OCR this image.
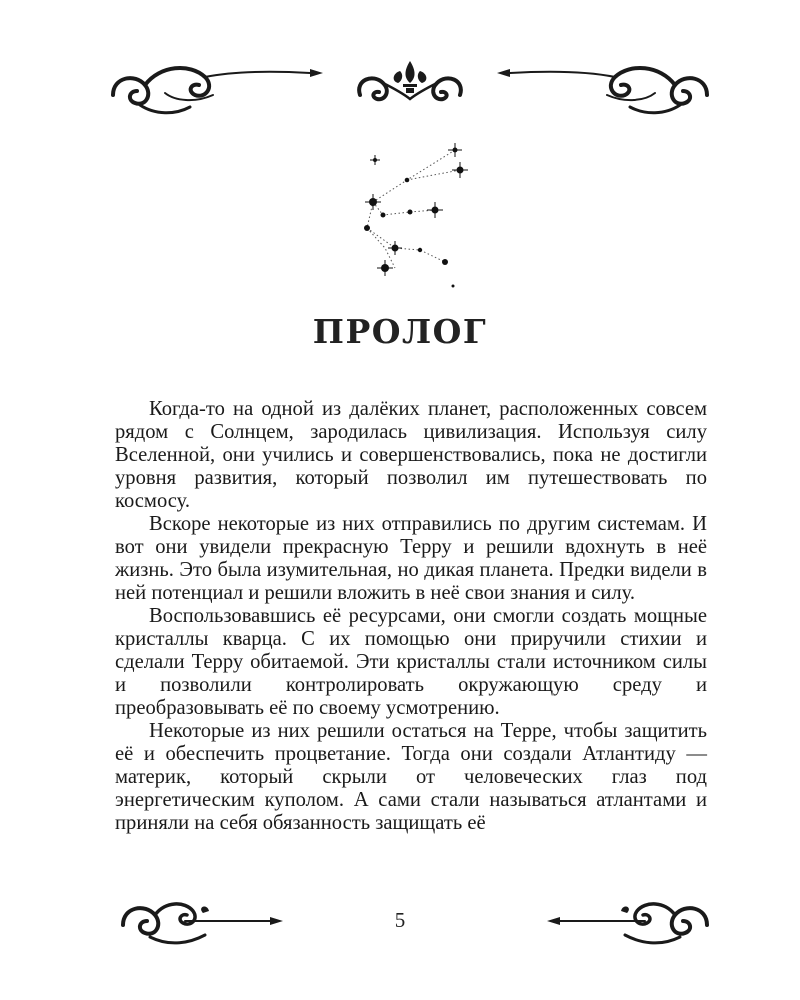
ПРОЛОГ

Когда-то на одной из далёких планет, расположенных совсем рядом с Солнцем, зародилась цивилизация. Используя силу Вселенной, они учились и совершенствовались, пока не достигли уровня развития, который позволил им путешествовать по космосу.

Вскоре некоторые из них отправились по другим системам. И вот они увидели прекрасную Терру и решили вдохнуть в неё жизнь. Это была изумительная, но дикая планета. Предки видели в ней потенциал и решили вложить в неё свои знания и силу.

Воспользовавшись её ресурсами, они смогли создать мощные кристаллы кварца. С их помощью они приручили стихии и сделали Терру обитаемой. Эти кристаллы стали источником силы и позволили контролировать окружающую среду и преобразовывать её по своему усмотрению.

Некоторые из них решили остаться на Терре, чтобы защитить её и обеспечить процветание. Тогда они создали Атлантиду — материк, который скрыли от человеческих глаз под энергетическим куполом. А сами стали называться атлантами и приняли на себя обязанность защищать её

5
